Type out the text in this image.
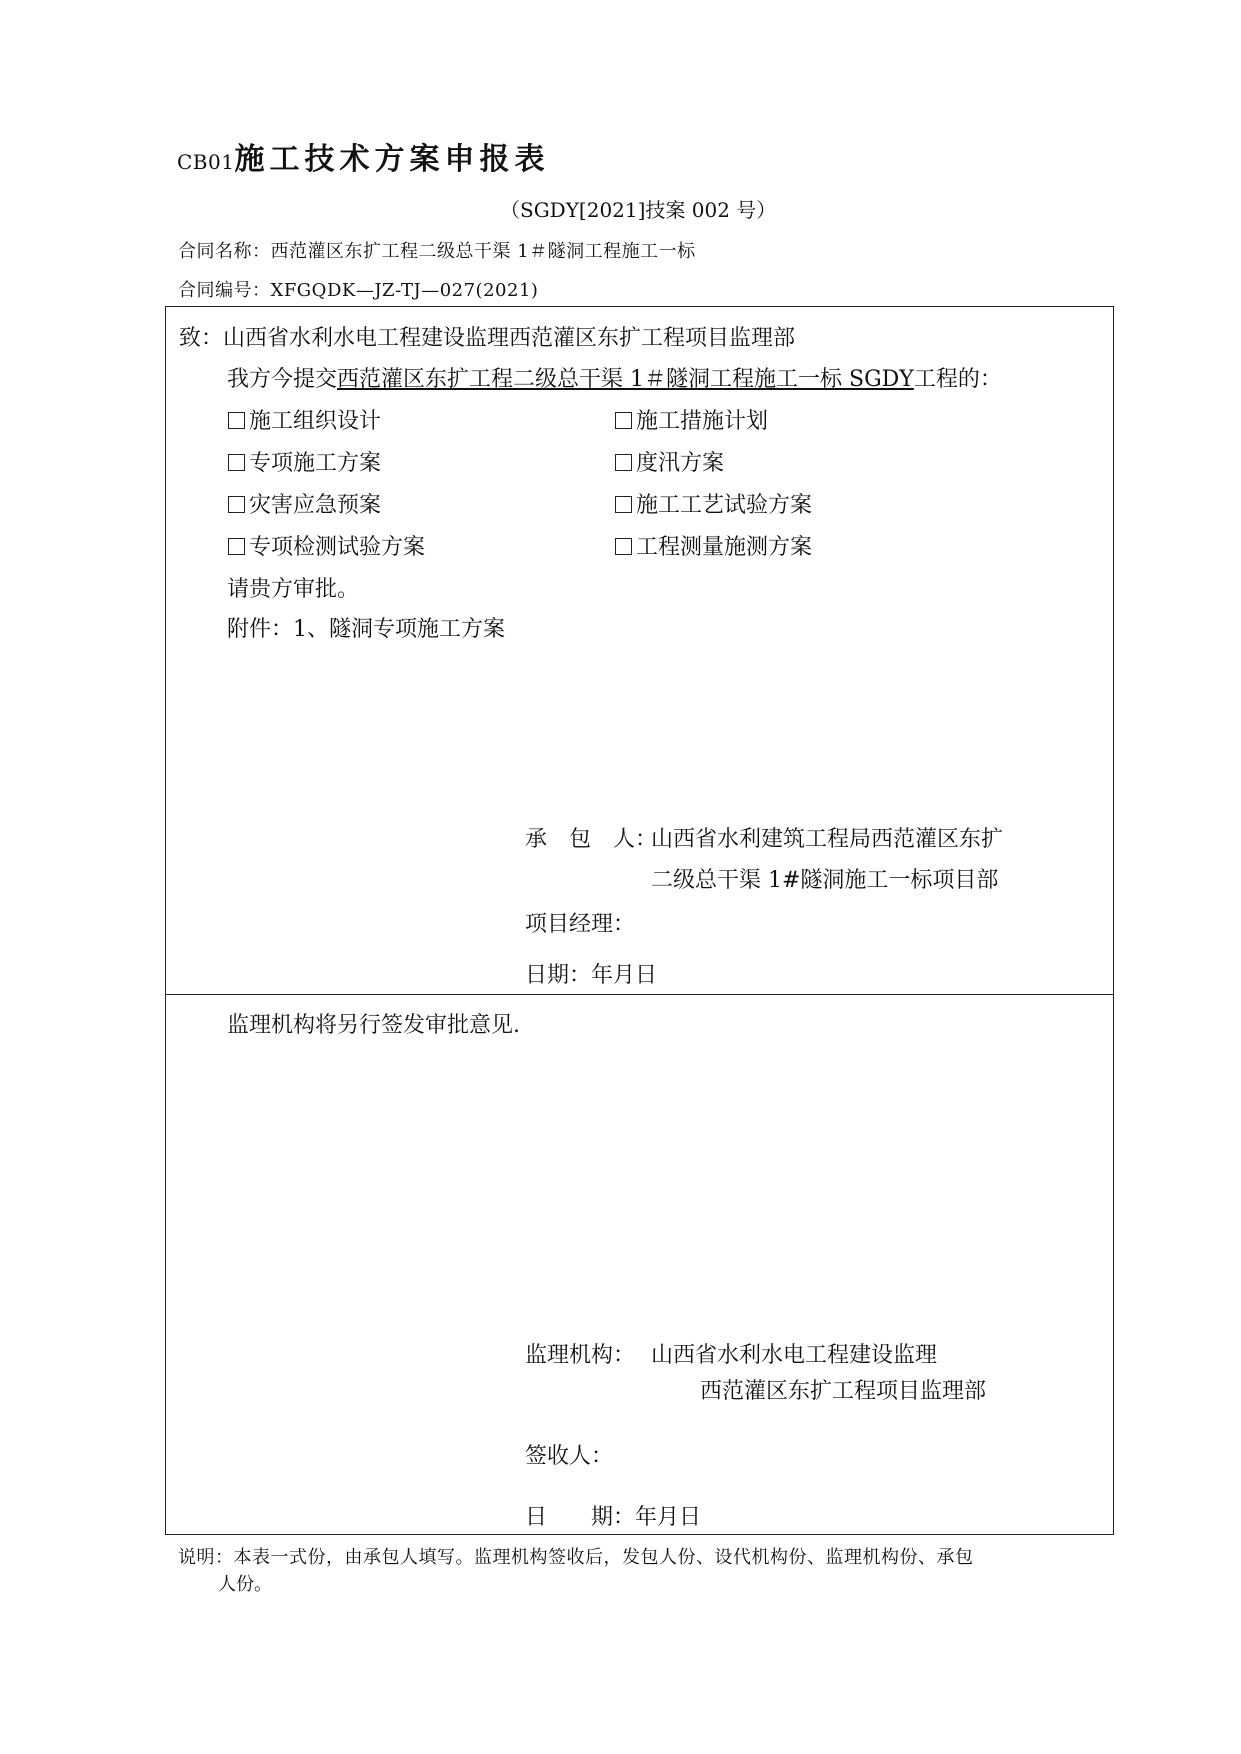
CB01施工技术方案申报表
（SGDY[2021]技案 002 号）
合同名称：西范灌区东扩工程二级总干渠 1＃隧洞工程施工一标
合同编号：XFGQDK—JZ-TJ—027(2021)
致：山西省水利水电工程建设监理西范灌区东扩工程项目监理部
我方今提交西范灌区东扩工程二级总干渠 1＃隧洞工程施工一标 SGDY工程的：
施工组织设计	施工措施计划
专项施工方案	度汛方案
灾害应急预案	施工工艺试验方案
专项检测试验方案	工程测量施测方案
请贵方审批。
附件：1、隧洞专项施工方案
承　包　人：
山西省水利建筑工程局西范灌区东扩
二级总干渠 1#隧洞施工一标项目部
项目经理：
日期：年月日
监理机构将另行签发审批意见.
监理机构： 山西省水利水电工程建设监理
西范灌区东扩工程项目监理部
签收人：
日　　期：年月日
说明：本表一式份，由承包人填写。监理机构签收后，发包人份、设代机构份、监理机构份、承包
人份。
